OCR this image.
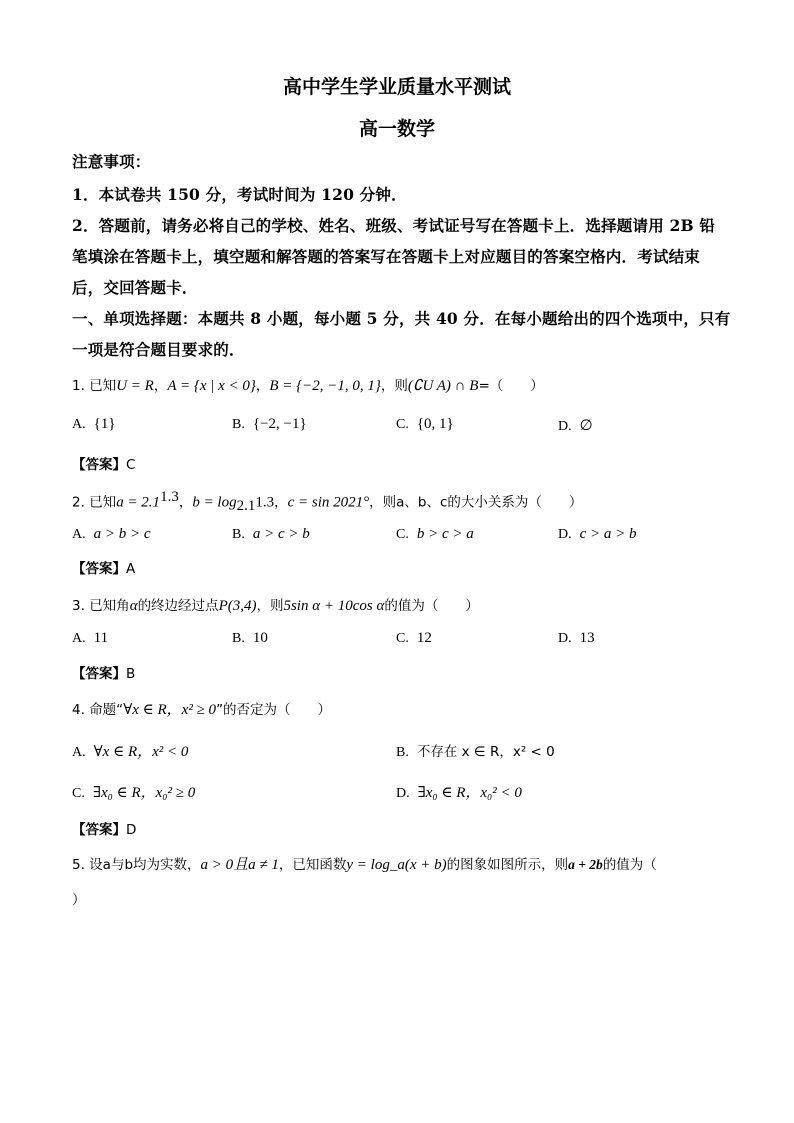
高中学生学业质量水平测试
高一数学
注意事项：
1．本试卷共 150 分，考试时间为 120 分钟．
2．答题前，请务必将自己的学校、姓名、班级、考试证号写在答题卡上．选择题请用 2B 铅
笔填涂在答题卡上，填空题和解答题的答案写在答题卡上对应题目的答案空格内．考试结束
后，交回答题卡．
一、单项选择题：本题共 8 小题，每小题 5 分，共 40 分．在每小题给出的四个选项中，只有
一项是符合题目要求的．
1. 已知U = R，A = {x | x < 0}，B = {−2, −1, 0, 1}，则(∁U A) ∩ B=（　　）
A. {1}	B. {−2, −1}	C. {0, 1}	D. ∅
【答案】C
2. 已知$a = 2.1^{1.3}$，$b = \log_{2.1}1.3$，c = sin 2021°，则a、b、c的大小关系为（　　）
A. a > b > c	B. a > c > b	C. b > c > a	D. c > a > b
【答案】A
3. 已知角α的终边经过点P(3,4)，则5sin α + 10cos α的值为（　　）
A. 11	B. 10	C. 12	D. 13
【答案】B
4. 命题“∀x ∈ R，x² ≥ 0”的否定为（　　）
A. ∀x ∈ R，x² < 0	B. 不存在 x ∈ R，x² < 0
C. ∃x₀ ∈ R，x₀² ≥ 0	D. ∃x₀ ∈ R，x₀² < 0
【答案】D
5. 设a与b均为实数，a > 0且a ≠ 1，已知函数y = log_a(x + b)的图象如图所示，则a + 2b的值为（
）
